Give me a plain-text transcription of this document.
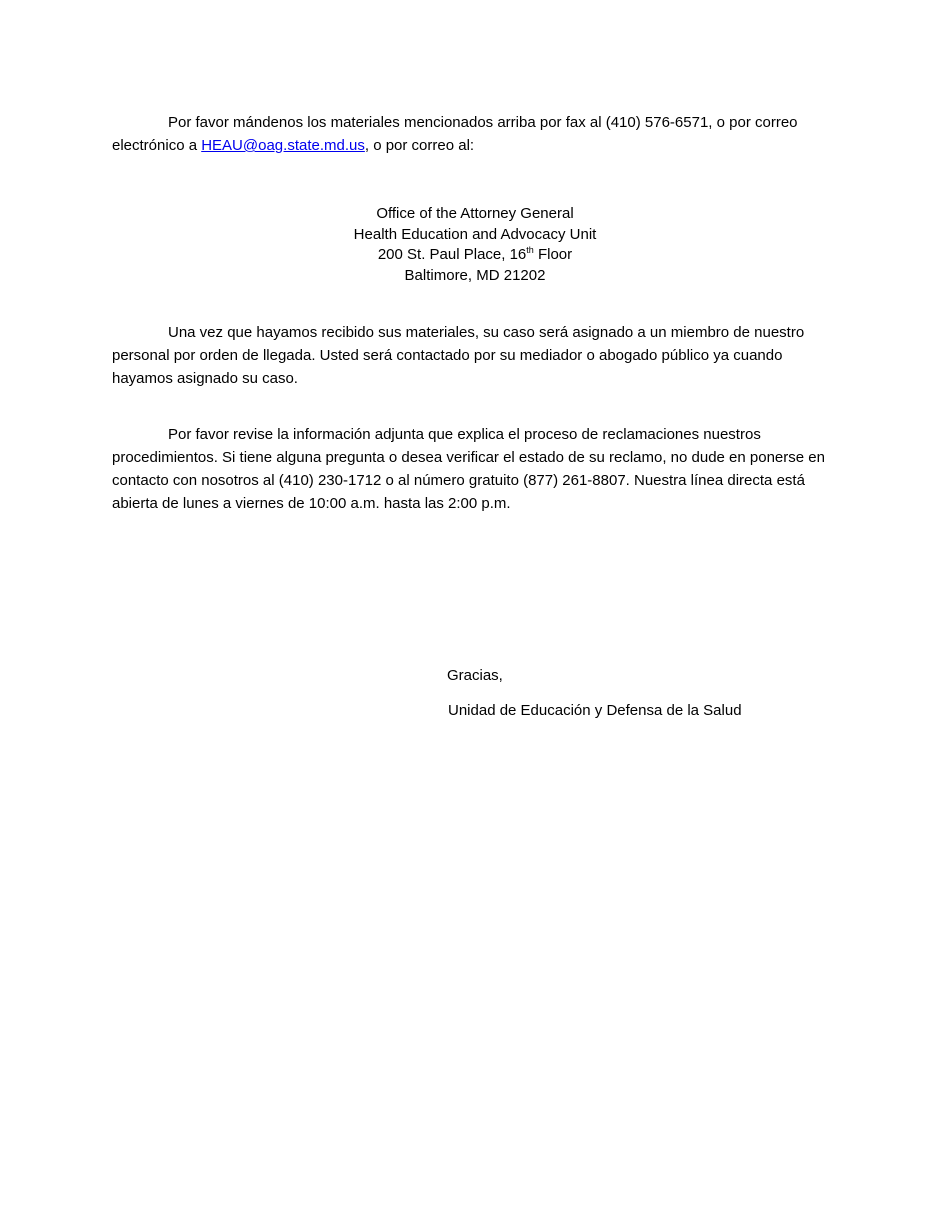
Por favor mándenos los materiales mencionados arriba por fax al (410) 576-6571, o por correo electrónico a HEAU@oag.state.md.us, o por correo al:

Office of the Attorney General
Health Education and Advocacy Unit
200 St. Paul Place, 16th Floor
Baltimore, MD 21202

Una vez que hayamos recibido sus materiales, su caso será asignado a un miembro de nuestro personal por orden de llegada. Usted será contactado por su mediador o abogado público ya cuando hayamos asignado su caso.

Por favor revise la información adjunta que explica el proceso de reclamaciones nuestros procedimientos. Si tiene alguna pregunta o desea verificar el estado de su reclamo, no dude en ponerse en contacto con nosotros al (410) 230-1712 o al número gratuito (877) 261-8807. Nuestra línea directa está abierta de lunes a viernes de 10:00 a.m. hasta las 2:00 p.m.

Gracias,
Unidad de Educación y Defensa de la Salud
